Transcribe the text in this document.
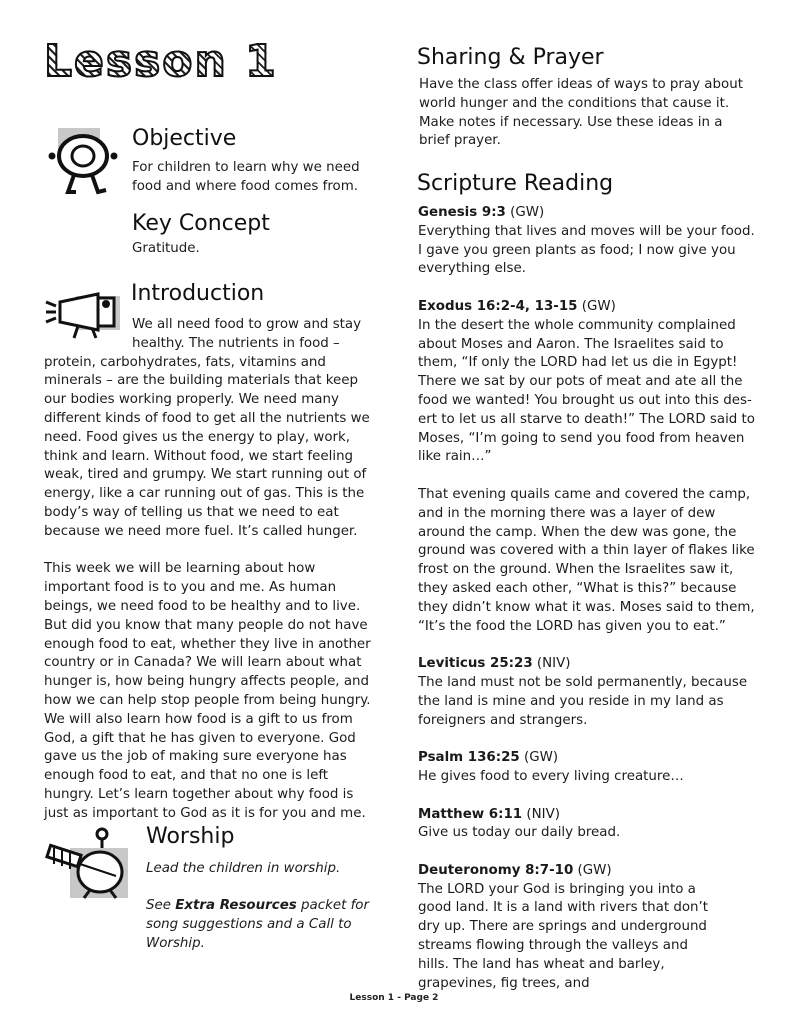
Lesson 1
Objective

For children to learn why we need food and where food comes from.

Key Concept

Gratitude.

Introduction

We all need food to grow and stay healthy. The nutrients in food – protein, carbohydrates, fats, vitamins and minerals – are the building materials that keep our bodies working properly. We need many different kinds of food to get all the nutrients we need. Food gives us the energy to play, work, think and learn. Without food, we start feeling weak, tired and grumpy. We start running out of energy, like a car running out of gas. This is the body’s way of telling us that we need to eat because we need more fuel. It’s called hunger.

This week we will be learning about how important food is to you and me. As human beings, we need food to be healthy and to live. But did you know that many people do not have enough food to eat, whether they live in another country or in Canada? We will learn about what hunger is, how being hungry affects people, and how we can help stop people from being hungry. We will also learn how food is a gift to us from God, a gift that he has given to everyone. God gave us the job of making sure everyone has enough food to eat, and that no one is left hungry. Let’s learn together about why food is just as important to God as it is for you and me.

Worship

Lead the children in worship.

See Extra Resources packet for song suggestions and a Call to Worship.

Sharing & Prayer

Have the class offer ideas of ways to pray about world hunger and the conditions that cause it. Make notes if necessary. Use these ideas in a brief prayer.

Scripture Reading

Genesis 9:3 (GW)

Everything that lives and moves will be your food. I gave you green plants as food; I now give you everything else.

Exodus 16:2-4, 13-15 (GW)

In the desert the whole community complained about Moses and Aaron. The Israelites said to them, “If only the LORD had let us die in Egypt! There we sat by our pots of meat and ate all the food we wanted! You brought us out into this des-ert to let us all starve to death!” The LORD said to Moses, “I’m going to send you food from heaven like rain…”

That evening quails came and covered the camp, and in the morning there was a layer of dew around the camp. When the dew was gone, the ground was covered with a thin layer of flakes like frost on the ground. When the Israelites saw it, they asked each other, “What is this?” because they didn’t know what it was. Moses said to them, “It’s the food the LORD has given you to eat.”

Leviticus 25:23 (NIV)

The land must not be sold permanently, because the land is mine and you reside in my land as foreigners and strangers.

Psalm 136:25 (GW)

He gives food to every living creature…

Matthew 6:11 (NIV)

Give us today our daily bread.

Deuteronomy 8:7-10 (GW)

The LORD your God is bringing you into a good land. It is a land with rivers that don’t dry up. There are springs and underground streams flowing through the valleys and hills. The land has wheat and barley, grapevines, fig trees, and

Lesson 1 - Page 2
